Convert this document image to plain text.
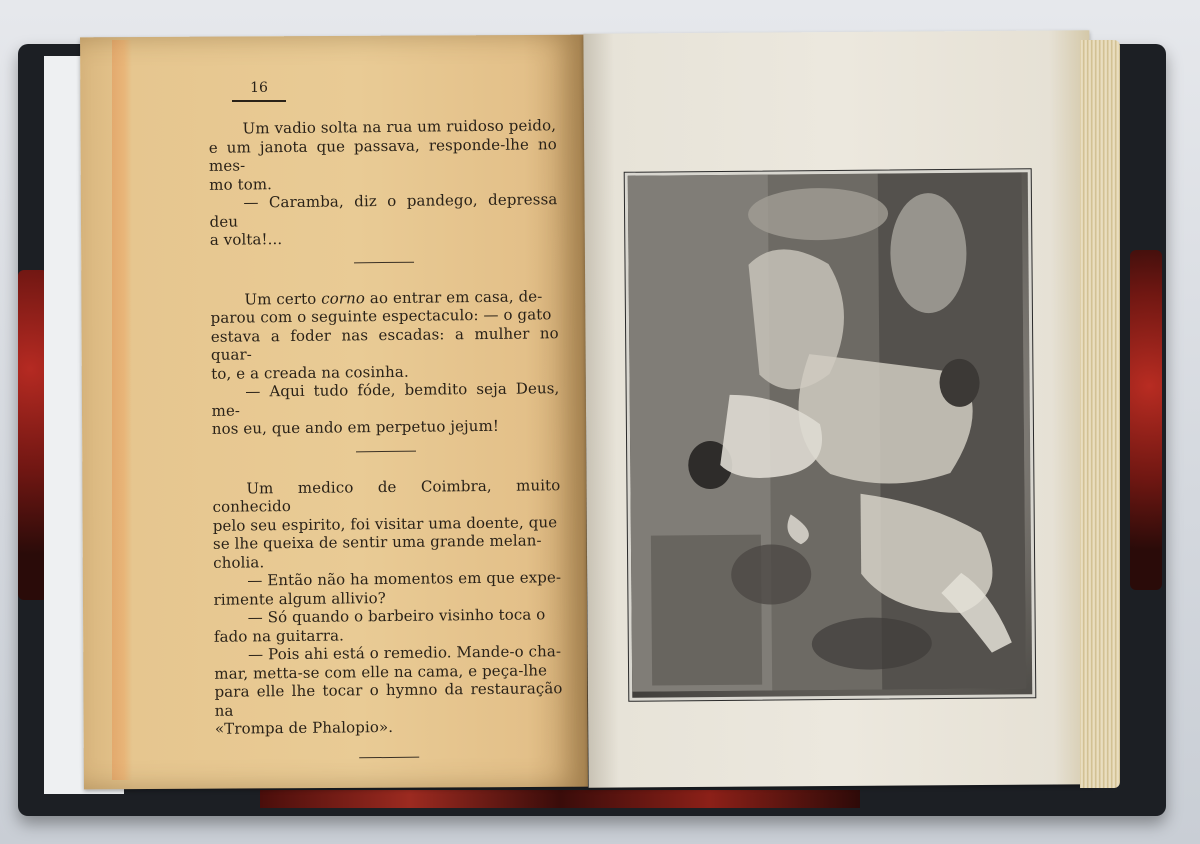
16

Um vadio solta na rua um ruidoso peido,

e um janota que passava, responde-lhe no mes-

mo tom.

— Caramba, diz o pandego, depressa deu

a volta!...

Um certo corno ao entrar em casa, de-

parou com o seguinte espectaculo: — o gato

estava a foder nas escadas: a mulher no quar-

to, e a creada na cosinha.

— Aqui tudo fóde, bemdito seja Deus, me-

nos eu, que ando em perpetuo jejum!

Um medico de Coimbra, muito conhecido

pelo seu espirito, foi visitar uma doente, que

se lhe queixa de sentir uma grande melan-

cholia.

— Então não ha momentos em que expe-

rimente algum allivio?

— Só quando o barbeiro visinho toca o

fado na guitarra.

— Pois ahi está o remedio. Mande-o cha-

mar, metta-se com elle na cama, e peça-lhe

para elle lhe tocar o hymno da restauração na

«Trompa de Phalopio».
